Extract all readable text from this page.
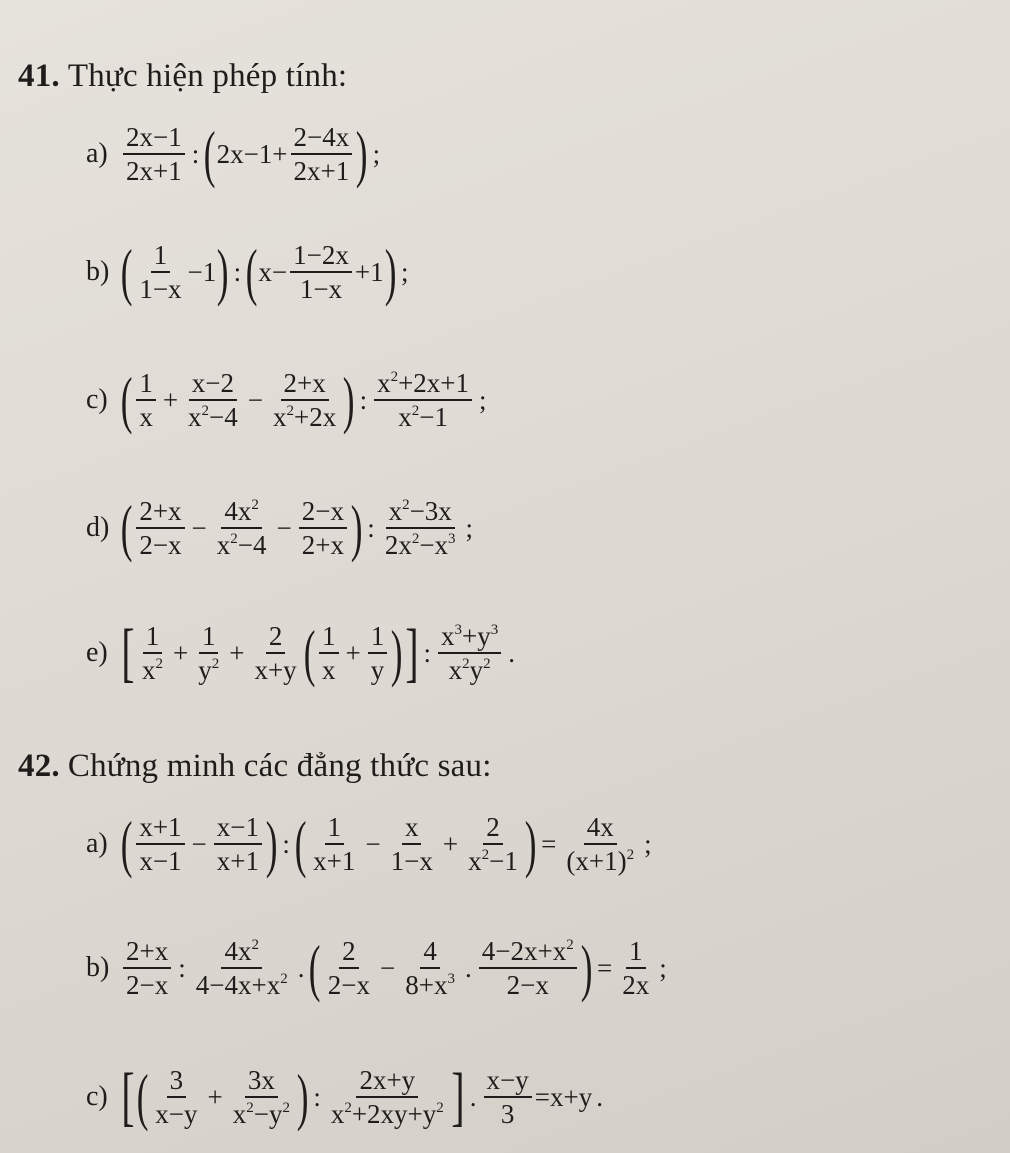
41. Thực hiện phép tính:
$a) \frac{2x-1}{2x+1}$ : ( $2x-1+ \frac{2-4x}{2x+1}$ ) ;
b) ( $\frac{1}{1-x} -1$ ) : ( $x- \frac{1-2x}{1-x} +1$ ) ;
c) ( $\frac{1}{x} + \frac{x-2}{x^2-4} - \frac{2+x}{x^2+2x}$ ) : $\frac{x^2+2x+1}{x^2-1}$ ;
d) ( $\frac{2+x}{2-x} - \frac{4x^2}{x^2-4} - \frac{2-x}{2+x}$ ) : $\frac{x^2-3x}{2x^2-x^3}$ ;
e) [ $\frac{1}{x^2} + \frac{1}{y^2} + \frac{2}{x+y}$ ( $\frac{1}{x} + \frac{1}{y}$ ) ] : $\frac{x^3+y^3}{x^2y^2}$ .
42. Chứng minh các đẳng thức sau:
a) ( $\frac{x+1}{x-1} - \frac{x-1}{x+1}$ ) : ( $\frac{1}{x+1} - \frac{x}{1-x} + \frac{2}{x^2-1}$ ) = $\frac{4x}{(x+1)^2}$ ;
$b) \frac{2+x}{2-x}$ : $\frac{4x^2}{4-4x+x^2}$ . ( $\frac{2}{2-x} - \frac{4}{8+x^3}$ . $\frac{4-2x+x^2}{2-x}$ ) = $\frac{1}{2x}$ ;
c) [ ( $\frac{3}{x-y} + \frac{3x}{x^2-y^2}$ ) : $\frac{2x+y}{x^2+2xy+y^2}$ ] . $\frac{x-y}{3} =x+y$ .
